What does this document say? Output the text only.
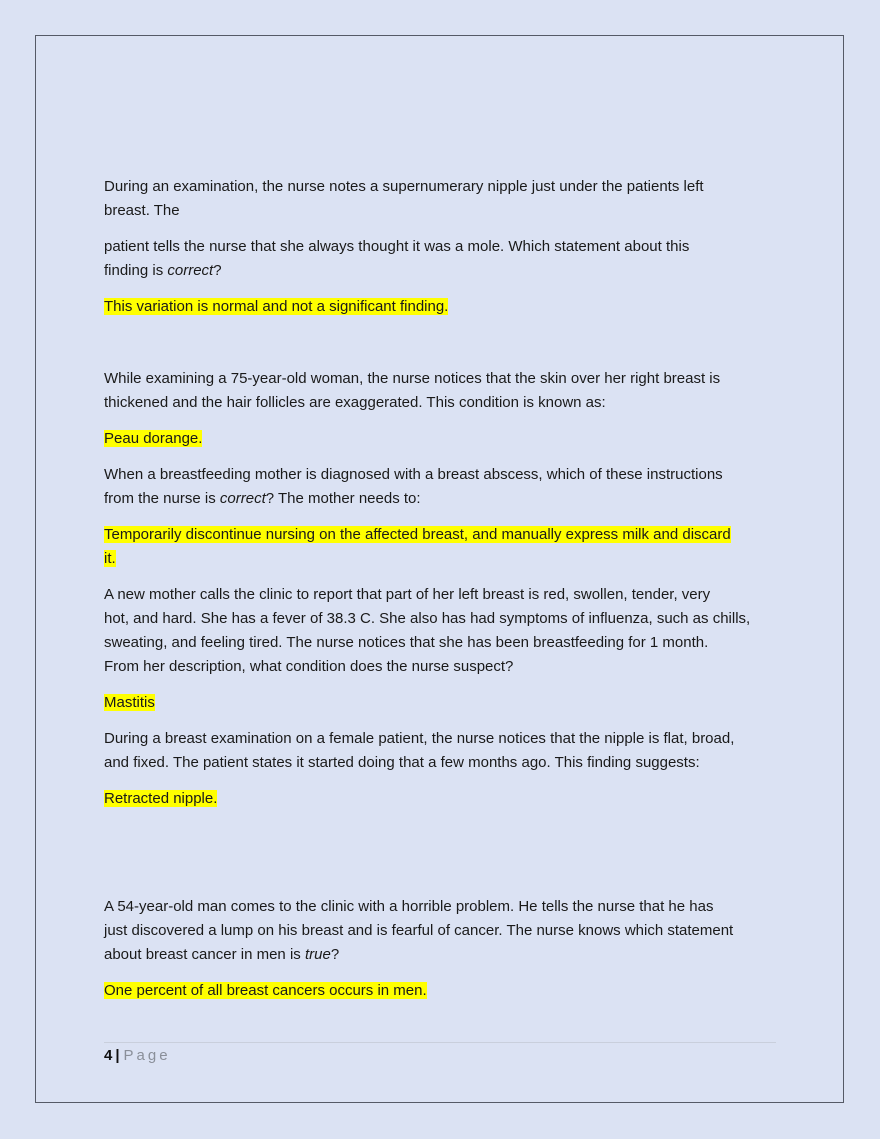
During an examination, the nurse notes a supernumerary nipple just under the patients left
breast. The

patient tells the nurse that she always thought it was a mole. Which statement about this
finding is correct?

This variation is normal and not a significant finding.

While examining a 75-year-old woman, the nurse notices that the skin over her right breast is
thickened and the hair follicles are exaggerated. This condition is known as:

Peau dorange.

When a breastfeeding mother is diagnosed with a breast abscess, which of these instructions
from the nurse is correct? The mother needs to:

Temporarily discontinue nursing on the affected breast, and manually express milk and discard
it.

A new mother calls the clinic to report that part of her left breast is red, swollen, tender, very
hot, and hard. She has a fever of 38.3 C. She also has had symptoms of influenza, such as chills,
sweating, and feeling tired. The nurse notices that she has been breastfeeding for 1 month.
From her description, what condition does the nurse suspect?

Mastitis

During a breast examination on a female patient, the nurse notices that the nipple is flat, broad,
and fixed. The patient states it started doing that a few months ago. This finding suggests:

Retracted nipple.

A 54-year-old man comes to the clinic with a horrible problem. He tells the nurse that he has
just discovered a lump on his breast and is fearful of cancer. The nurse knows which statement
about breast cancer in men is true?

One percent of all breast cancers occurs in men.

4 | Page
